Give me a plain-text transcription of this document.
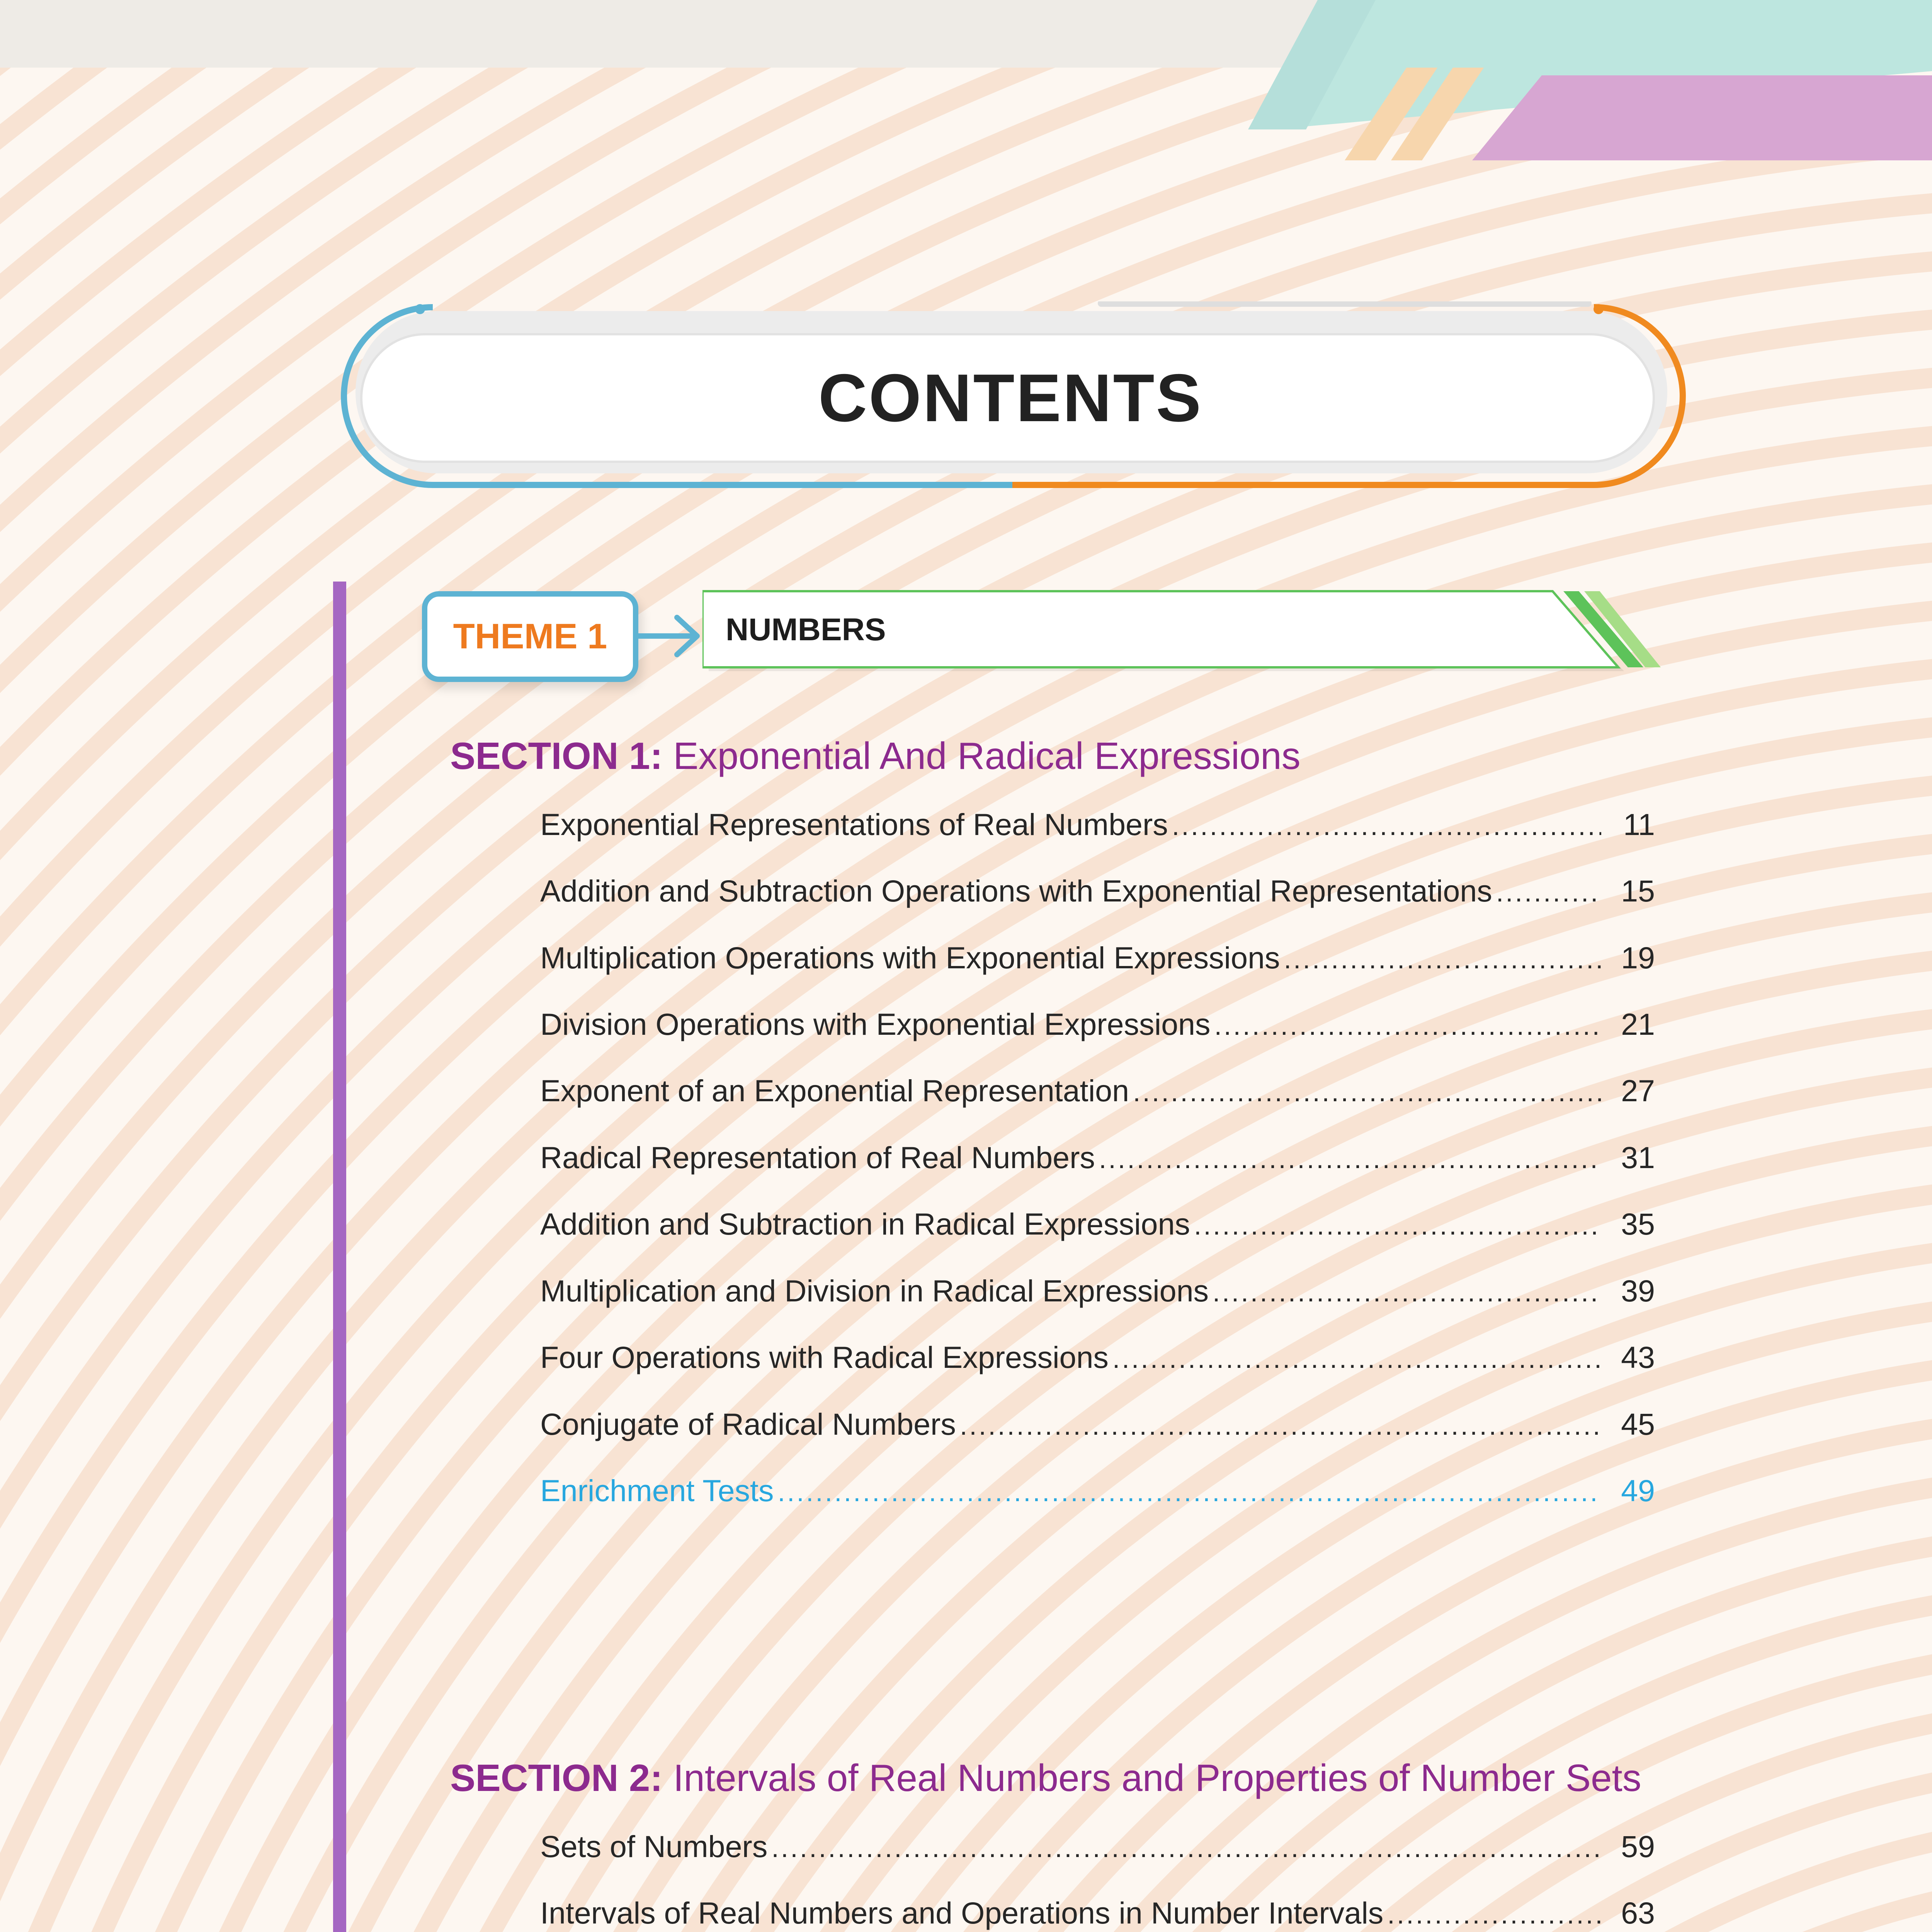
CONTENTS
THEME 1	NUMBERS
SECTION 1: Exponential And Radical Expressions
SECTION 2: Intervals of Real Numbers and Properties of Number Sets
Exponential Representations of Real Numbers .....	11
Addition and Subtraction Operations with Exponential Representations .....	15
Multiplication Operations with Exponential Expressions .....	19
Division Operations with Exponential Expressions .....	21
Exponent of an Exponential Representation .....	27
Radical Representation of Real Numbers .....	31
Addition and Subtraction in Radical Expressions .....	35
Multiplication and Division in Radical Expressions .....	39
Four Operations with Radical Expressions .....	43
Conjugate of Radical Numbers .....	45
Enrichment Tests .....	49
Sets of Numbers .....	59
Intervals of Real Numbers and Operations in Number Intervals .....	63
